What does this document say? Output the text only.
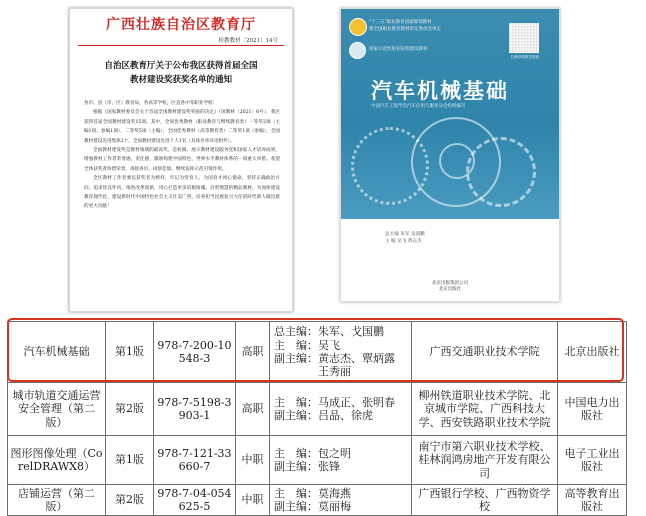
广西壮族自治区教育厅
桂教教材〔2021〕14号
自治区教育厅关于公布我区获得首届全国
教材建设奖获奖名单的通知

各市、县（市、区）教育局，各高等学校，区直各中等职业学校：

根据《国家教材委员会关于首届全国教材建设奖奖励的决定》（国教材〔2021〕6号），我区获得首届全国教材建设奖15项。其中，全国优秀教材（职业教育与继续教育类）一等奖2项（主编1项、参编1项），二等奖5项（主编），全国优秀教材（高等教育类）二等奖1项（参编），全国教材建设先进集体2个，全国教材建设先进个人1名（具体名单详见附件）。

全国教材建设奖是教材领域的最高奖，是检阅、展示教材建设服务党和国家人才培养成果，增强教材工作者荣誉感、责任感，激励构建中国特色、世界水平教材体系的一项重大举措。希望全体获奖者珍惜荣誉，再接再厉、再创佳绩，继续发挥示范引领作用。

全区教材工作者要以获奖者为榜样，牢记为党育人、为国育才初心使命，坚持正确政治方向，追求优良作风，推进改革创新，用心打造更多培根铸魂、启智增慧的精品教材，为加快建设教育现代化，建设新时代中国特色社会主义壮美广西，培养担当民族复兴大任的时代新人做出新的更大贡献！

"十三五"职业教育国家规划教材
新全国职业教育教材审定委员会审定
国家示范性职业院校建设教材
扫码获取教学资源
汽车机械基础
中国汽车工程学会汽车应用与服务分会组织编写
总主编 朱军 戈国鹏
主 编 吴飞 黄志杰
北京出版集团公司
北京出版社
汽车机械基础	第1版	978-7-200-10548-3	高职	总主编：朱军、戈国鹏
主　编：吴飞
副主编：黄志杰、覃炳露
王秀丽	广西交通职业技术学院	北京出版社
城市轨道交通运营安全管理（第二版）	第2版	978-7-5198-3903-1	高职	主　编：马成正、张明春
副主编：吕品、徐虎	柳州铁道职业技术学院、北京城市学院、广西科技大学、西安铁路职业技术学院	中国电力出版社
图形图像处理（CorelDRAWX8）	第1版	978-7-121-33660-7	中职	主　编：包之明
副主编：张锋	南宁市第六职业技术学校、桂林润鸿房地产开发有限公司	电子工业出版社
店铺运营（第二版）	第2版	978-7-04-054625-5	中职	主　编：莫海燕
副主编：莫丽梅	广西银行学校、广西物资学校	高等教育出版社
